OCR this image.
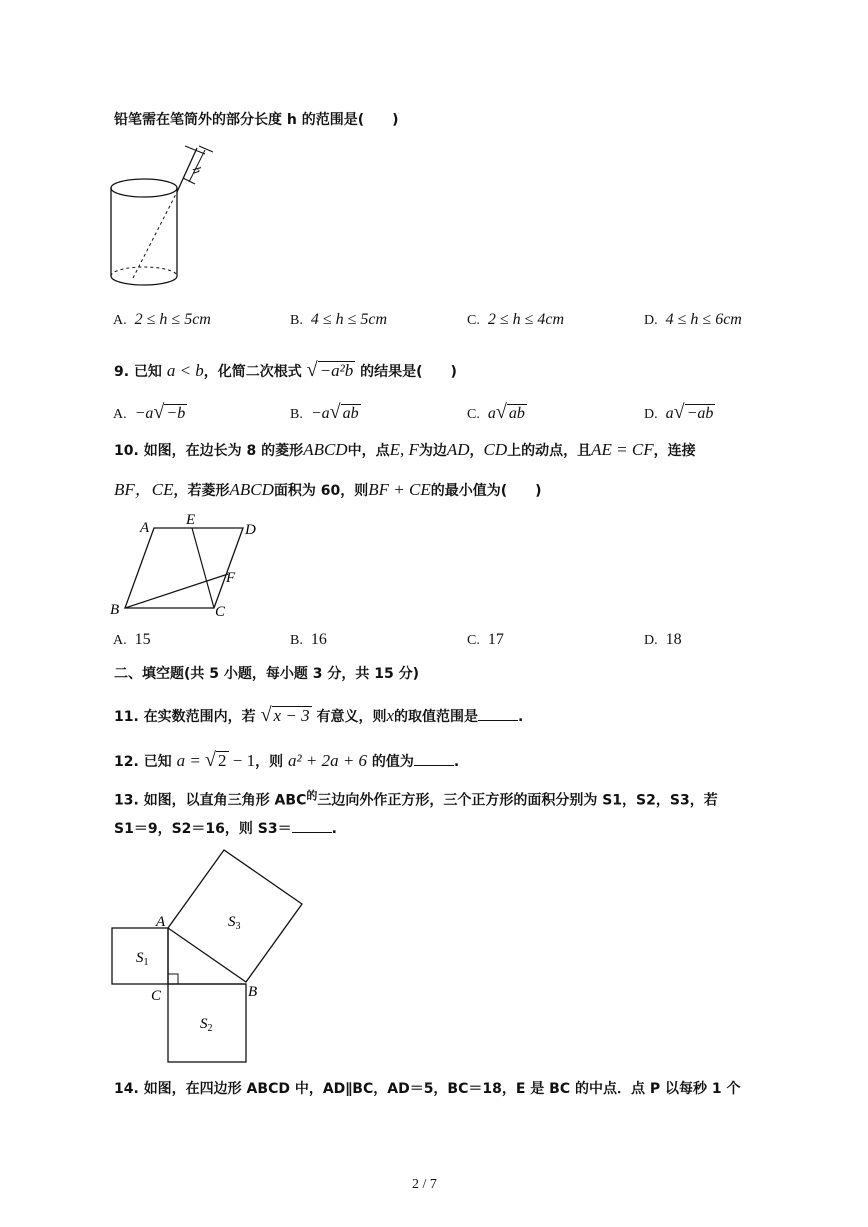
铅笔需在笔筒外的部分长度 h 的范围是(　　)
h
A. 2 ≤ h ≤ 5cm	B. 4 ≤ h ≤ 5cm	C. 2 ≤ h ≤ 4cm	D. 4 ≤ h ≤ 6cm
9. 已知 a < b，化简二次根式 √ −a²b 的结果是(　　)
A. −a√ −b	B. −a√ ab	C. a√ ab	D. a√ −ab
10. 如图，在边长为 8 的菱形ABCD中，点E, F为边AD，CD上的动点，且AE = CF，连接
BF，CE，若菱形ABCD面积为 60，则BF + CE的最小值为(　　)
A E
D
F
B	C
A. 15	B. 16	C. 17	D. 18
二、填空题(共 5 小题，每小题 3 分，共 15 分)
11. 在实数范围内，若 √ x − 3 有意义，则x的取值范围是	.
12. 已知 a = √ 2 − 1，则 a² + 2a + 6 的值为	.
13. 如图，以直角三角形 $ABC^的$三边向外作正方形，三个正方形的面积分别为 S1，S2，S3，若
S1＝9，S2＝16，则 S3＝	.
A
B
C
$S_1$
$S_2$
$S_3$
14. 如图，在四边形 ABCD 中，AD∥BC，AD＝5，BC＝18，E 是 BC 的中点．点 P 以每秒 1 个
2 / 7
